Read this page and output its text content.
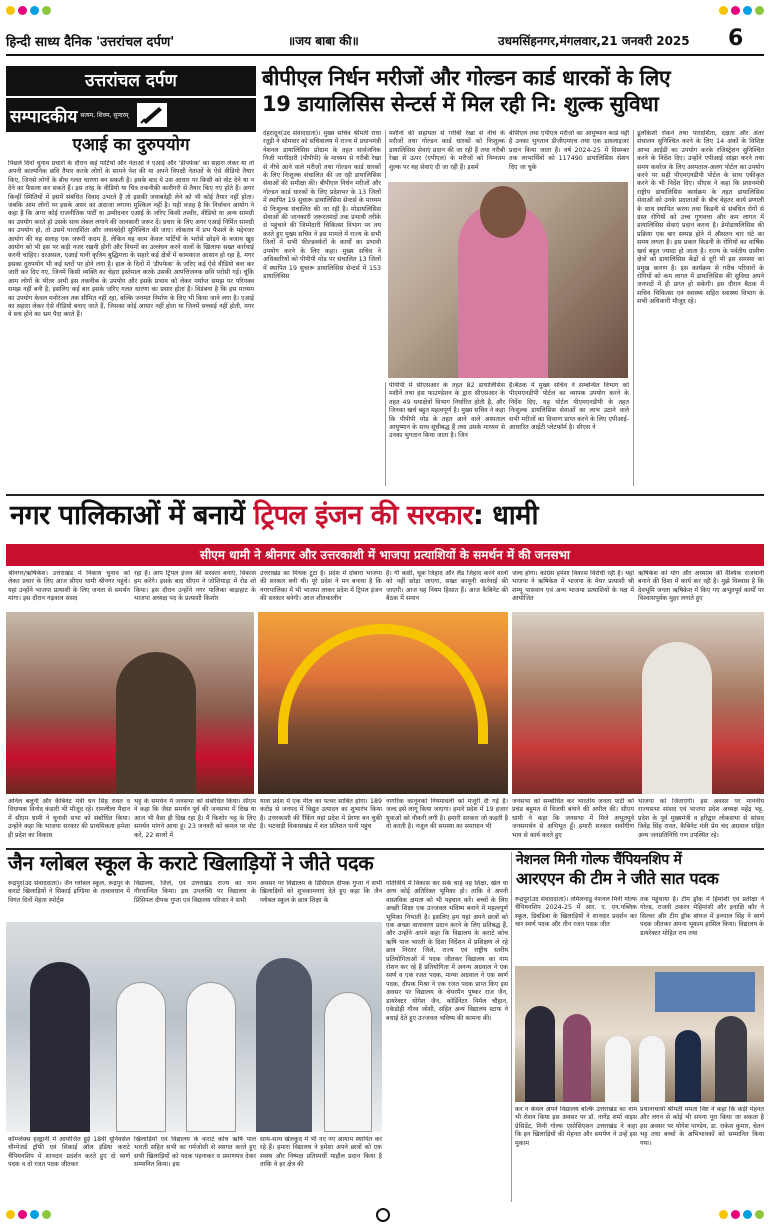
हिन्दी साध्य दैनिक 'उत्तरांचल दर्पण'	॥जय बाबा की॥	उधमसिंहनगर,मंगलवार,21 जनवरी 2025 6
उत्तरांचल दर्पण
सम्पादकीय सत्यम, शिवम, सुन्दरम्
एआई का दुरुपयोग
पिछले दिनों चुनाव प्रचारों के दौरान कई पार्टियों और नेताओं ने एआई और 'डीपफेक' का सहारा लेकर या तो अपनी काल्पनिक छवि तैयार करके लोगों के सामने पेश की या अपने विपक्षी नेताओं के ऐसे वीडियो तैयार किए, जिनसे लोगों के बीच गलत धारणा बन सकती है। इसके बाद ये उस आधार पर किसी को वोट देने या न देने का फैसला कर सकते हैं। इस तरह के वीडियो या चित्र तकनीकी कारीगरी से तैयार किए गए होते हैं। अगर किन्हीं स्थितियों में इसमें संबंधित विवाद उभरते हैं तो इसकी जवाबदेही लेने को भी कोई तैयार नहीं होता। जबकि आम लोगों पर इसके असर का अंदाजा लगाना मुश्किल नहीं है। यही वजह है कि निर्वाचन आयोग ने कहा है कि अगर कोई राजनीतिक पार्टी या उम्मीदवार एआई के जरिए किसी तस्वीर, वीडियो या अन्य सामग्री का उपयोग करते हो उसके साथ लेबल लगाने की जानकारी जरूर दें। प्रचार के लिए अगर एआई निर्मित सामग्री का उपयोग हो, तो उसमें पारदर्शिता और जवाबदेही सुनिश्चित की जाए। लोकतंत्र में प्रभ फैसले के मद्देनजर आयोग की यह सलाह एक जरूरी कदम है, लेकिन यह काम केवल पार्टियों के भरोसे छोड़ने के बजाय खुद आयोग को भी इस पर कड़ी नजर रखनी होगी और नियमों का उल्लंघन करने वालों के खिलाफ सख्त कार्रवाई करनी चाहिए। दरअसल, एआई यानी कृत्रिम बुद्धिमत्ता के सहारे कई क्षेत्रों में कामकाज आसान हो रहा है, मगर इसका दुरुपयोग भी कई स्तरों पर होने लगा है। हाल के दिनों में 'डीपफेक' के जरिए कई ऐसे वीडियो बना कर जारी कर दिए गए, जिनमें किसी व्यक्ति का चेहरा इस्तेमाल करके उसकी आपत्तिजनक छवि परोसी गई। चूंकि आम लोगों के भीतर अभी इस तकनीक के उपयोग और इसके प्रभाव को लेकर पर्याप्त समझ पर परिपक्व समझ नहीं बनी है, इसलिए कई बार इसके जरिए गलत धारणा का प्रसार होता है। विडंबना है कि इस माध्यम का उपयोग केवल मनोरंजन तक सीमित नहीं रहा, बल्कि जनमत निर्माण के लिए भी किया जाने लगा है। एआई का सहारा लेकर ऐसे वीडियो बनाए जाते हैं, जिसका कोई आधार नहीं होता या जिनमें सच्चाई नहीं होती, मगर वे सच होने का भ्रम पैदा करते हैं।
बीपीएल निर्धन मरीजों और गोल्डन कार्ड धारकों के लिए
19 डायालिसिस सेन्टर्स में मिल रही नि: शुल्क सुविधा
देहरादून(उद संवाददाता)। मुख्य सचिव श्रीमती राधा रतूड़ी ने सोमवार को सचिवालय में राज्य में प्रधानमंत्री नेशनल डायालिसिस प्रोग्राम के तहत सार्वजनिक निजी भागीदारी (पीपीपी) के माध्यम से गरीबी रेखा से नीचे आने वाले मरीजों तथा गोल्डन कार्ड धारकों के लिए निःशुल्क संचालित की जा रही डायालिसिस सेवाओं की समीक्षा की। बीपीएल निर्धन मरीजों और गोल्डन कार्ड धारकों के लिए प्रदेशभर के 13 जिलों में स्थापित 19 सुचारू डायालिसिस सेन्टर्स के माध्यम से निःशुल्क संचालित की जा रही है। मोडायलिसिस सेवाओं की जानकारी जरूरतमंदों तक प्रभावी तरीके से पहुंचाने की जिम्मेदारी चिकित्सा विभाग पर तय करते हुए मुख्य सचिव ने इस मामले में राज्य के सभी जिलों में सभी फील्डवर्करों के कार्यों का प्रभावी उपयोग करने के लिए कहा। मुख्य सचिव ने अधिकारियों को पीपीपी मोड पर संचालित 13 जिलों में स्थापित 19 सुचारू डायालिसिस सेन्टर्स में 153 डायालिसिस
मशीनों की सहायता से गरीबी रेखा से नीचे के मरीजों तथा गोल्डन कार्ड धारकों को निःशुल्क डायालिसिस सेवाएं प्रदान की जा रही हैं तथा गरीबी रेखा से ऊपर (एपीएल) के मरीजों को निम्नतम शुल्क पर यह सेवाएं दी जा रही हैं। इसमें
बीपीएल तथा एपीएल मरीजों का आयुष्मान कार्ड नहीं है उनका भुगतान डीजीएमएच तथा एक डायलाइजर प्रदान किया जाता है। वर्ष 2024-25 में दिसम्बर तक लाभार्थियों को 117490 डायालिसिस सेशन दिए जा चुके
पीपीपी में सीएसआर के तहत 82 डायालिसिस मशीनें तथा हंस फाउण्डेशन के द्वारा सीएसआर के तहत 49 यमाक्षेत्रों विभाग निर्धारित होती है, और जिनका खर्च बहुत महत्वपूर्ण है। मुख्य सचिव ने कहा कि पीपीपी मोड के तहत आने वाले अस्पताल आयुष्मान के साथ सूचीबद्ध हैं तथा उसके माध्यम से उनका भुगतान किया जाता है। जिन
हैं।बैठक में मुख्य सचिव ने सम्बन्धित विभाग को पीएमएनडीपी पोर्टल का व्यापक उपयोग करने के निर्देश दिए, यह पोर्टल पीएमएनडीपी के तहत निःशुल्क डायलिसिस सेवाओं का लाभ उठाने वाले सभी मरीजों का विवरण प्राप्त करने के लिए एपीआई-आधारित आईटी प्लेटफॉर्म है। सीएस ने
डूलॉकेशों रोकने तथा पारदर्शिता, दक्षता और अंतर संचालन सुनिश्चित करने के लिए 14 अंकों के विशिष्ट आभा आईडी का उपयोग करके रजिस्ट्रेशन सुनिश्चित करने के निर्देश दिए। उन्होंने एपीआई सांझा करने तथा समय कवरेज के लिए अस्पताल-अलग पोर्टल का उपयोग करने पर सही पीएमएनडीपी पोर्टल के साथ एकीकृत करने के भी निर्देश दिए। सीएस ने कहा कि प्रधानमंत्री राष्ट्रीय डायालिसिस कार्यक्रम के तहत डायालिसिस सेवाओं को उनके प्रदाताओं के बीच बेहतर कार्य प्रणाली के साथ स्थापित करना तथा किडनी से संबंधित रोगों से ग्रस्त रोगियों को उच्च गुणवत्ता और कम लागत में डायालिसिस सेवाएं प्रदान करना है। डेमोडायलिसिस की प्रक्रिया एक बार सम्पन्न होने में औसतन चार घंटे का समय लगता है। इस प्रकार किडनी के रोगियों का वार्षिक खर्च बहुत ज्यादा हो जाता है। राज्य के पर्वतीय ग्रामीण क्षेत्रों को डायालिसिस केंद्रों से दूरी भी इस समस्या का प्रमुख कारण है। इस कार्यक्रम से गरीब परिवारों के रोगियों को कम लागत में डायालिसिस की सुविधा अपने जनपदों में ही प्राप्त हो सकेगी। इस दौरान बैठक में सचिव चिकित्सा एवं स्वास्थ्य सहित स्वास्थ्य विभाग के सभी अधिकारी मौजूद रहे।
नगर पालिकाओं में बनायें ट्रिपल इंजन की सरकार: धामी
सीएम धामी ने श्रीनगर और उत्तरकाशी में भाजपा प्रत्याशियों के समर्थन में की जनसभा
श्रीनगर/ऋषिकेश। उत्तराखंड में निकाय चुनाव को लेकर प्रचार के लिए आज सीएम धामी श्रीनगर पहुंचे। यहां उन्होंने भाजपा प्रत्याशी के लिए जनता से समर्थन मांगा। इस दौरान गढ़वाल संसद
रहा है। आप ट्रिपल इंजन की सरकार बनाएं, विकास हम करेंगे। इसके बाद सीएम ने जोशियाड़ा में रोड शो किया। इस दौरान उन्होंने नगर पालिका बाड़ाहाट के भाजपा अध्यक्ष पद के प्रत्याशी किशोर
उत्तराखंड का मिथक टूटा है। प्रदेश में दोबारा भाजपा की सरकार बनी थी। पूरे प्रदेश ने मन बनाया है कि नगरपालिका में भी भाजपा लाकर प्रदेश में ट्रिपल इंजन की सरकार बनेगी। आज शीतकालीन
है। गौ कसी, थूक जिहाद और लैंड जिहाद करने वालों को नहीं छोड़ा जाएगा, सख्त कानूनी कार्रवाई की जाएगी। आज यह नियम हिसात हैं। आज कैबिनेट की बैठक में समान
जल्द होगा। कांग्रेस हमेशा विकास विरोधी रही है। यहां भाजपा ने ऋषिकेश में भाजपा के मेयर प्रत्याशी श्री शम्भू पासवान एवं अन्य भाजपा प्रत्याशियों के पक्ष में आयोजित
ऋषिकेश को योग और अध्यात्म की वैश्विक राजधानी बनाने की दिशा में कार्य कर रही है। मुझे विश्वास है कि देवभूमि जनता ऋषिकेश में किए गए अभूतपूर्व कार्यों पर विश्वासपूर्वक मुहर लगाते हुए
अनिल बलूनी और कैबिनेट मंत्री धन सिंह रावत व विधायक विनोद कंडारी भी मौजूद रहे। रामलीला मैदान में सीएम धामी ने चुनावी सभा को संबोधित किया। उन्होंने कहा कि भाजपा सरकार की प्राथमिकता हमेशा ही प्रदेश का विकास
भट्ट के समर्थन में जनसभा को संबोधित किया। सीएम ने कहा कि जैसा समर्थन पूर्व की जनसभा में दिख या आज भी वैसा ही दिख रहा है। मैं किशोर भट्ट के लिए समर्थन मांगने आया हूं। 23 जनवरी को कमल पर वोट करें, 22 सालों में
यात्रा प्रदेश में एक मील का पत्थर साबित होगा। 189 करोड़ से जनपद में विद्युत उत्पादन का शुभारंभ किया है। उत्तरकाशी की रैंकिंग यहां प्रदेश में प्रेरणा बन चुकी है। भटवाड़ी विकासखंड में शत प्रतिशत पानी पहुंच
नागरिक कानूनको नियमावली को मंजूरी दी गई है। जल्द इसे लागू किया जाएगा। हमारे प्रदेश में 19 हजार युवाओं को नौकरी लगी है। हमारी सरकार जो कहती है वो करती है। नजूल की समस्या का समाधान भी
जनसभा को सम्बोधित कर भारतीय जनता पार्टी को प्रचंड बहुमत से विजयी बनाने की अपील की। सीएम धामी ने कहा कि जनसभा में मिले अभूतपूर्व जनसमर्थन से अभिभूत हूँ। हमारी सरकार सर्वांगीण भाव से कार्य करते हुए
भाजपा को जिताएंगी। इस अवसर पर माननीय राज्यसभा सांसद एवं भाजपा प्रदेश अध्यक्ष महेंद्र भट्ट, प्रदेश के पूर्व मुख्यमंत्री व हरिद्वार लोकसभा से सांसद त्रिवेंद्र सिंह रावत, कैबिनेट मंत्री प्रेम चंद अग्रवाल सहित अन्य जनप्रतिनिधि गण उपस्थित रहे।
जैन ग्लोबल स्कूल के कराटे खिलाड़ियों ने जीते पदक
रूद्रपुर(उद संवाददाता)। जैन ग्लोबल स्कूल, रूद्रपुर के कराटे खिलाड़ियों ने सिकाई इण्डिया के तत्वावधान में विगत दिनों मेहता स्पोर्ट्स
विद्यालय, जिले, एवं उत्तराखंड राज्य का नाम गौरवान्वित किया। इस उपलब्धि पर विद्यालय के प्रिंसिपल दीपक गुप्ता एवं विद्यालय परिवार ने सभी
अवसर पर विद्यालय के प्रिंसिपल दीपक गुप्ता ने सभी खिलाड़ियों को शुभकामनाएं देते हुए कहा कि जैन ग्लोबल स्कूल के छात्र शिक्षा के
गतिविधि में विकास कर सकें चाहे वह शिक्षा, खेल या अन्य कोई अतिरिक्त भूमिका हो। ताकि वे अपनी वास्तविक क्षमता को भी पहचान करें। बच्चों के लिए अच्छी शिक्षा एक उज्जवल भविष्य बनाने में महत्वपूर्ण भूमिका निभाती है। इसलिए हम यहां अपने छात्रों को एक अच्छा वातावरण प्रदान करने के लिए प्रतिबद्ध हैं, और उन्होंने अपने कहा कि विद्यालय के कराटे कोच ऋषि पाल भारती के दिशा निर्देशन में प्रशिक्षण ले रहे छात्र निरंतर जिले, राज्य एवं राष्ट्रीय स्तरीय प्रतियोगिताओं में पदक जीतकर विद्यालय का नाम रोशन कर रहे हैं प्रतियोगिता में अनन्य अग्रवाल ने एक स्वर्ण व एक रजत पदक, मान्या अग्रवाल ने एक स्वर्ण पदक, दीपक मिश्रा ने एक रजत पदक प्राप्त किए इस अवसर पर विद्यालय के चेयरमैन पुष्कर राज जैन, डायरेक्टर योगेश जैन, कोर्डिनेटर निर्मल चौहान, एकेडोही गौरव जोशी, सहित अन्य विद्यालय स्टाफ ने बधाई देते हुए उज्जवल भविष्य की कामना की।
कॉम्प्लेक्स हल्द्वानी में आयोजित हुई 18वीं यूनिवर्सल चौम्पेजर्ड ट्रॉफी एवं सिकाई ऑल इंडिया कराटे चैंपियनशिप में शानदार प्रदर्शन करते हुए दो स्वर्ण पदक व दो रजत पदक जीतकर
खिलाड़ियों एवं विद्यालय के कराटे कोच ऋषि पाल भारती सहित सभी का गर्मजोशी से स्वागत करते हुए सभी खिलाड़ियों को पदक पहनाकर व प्रमाणपत्र देकर सम्मानित किया। इस
साथ-साथ खेलकूद में भी नए नए आयाम स्थापित कर रहे हैं। हमारा विद्यालय ने हमेशा अपने छात्रों को एक स्वस्थ और निष्पक्ष प्रतिस्पर्धी माहौल प्रदान किया है ताकि वे हर क्षेत्र की
नेशनल मिनी गोल्फ चैंपियनशिप में
आरएएन की टीम ने जीते सात पदक
रूद्रपुर(उद संवाददाता)। तमिलनाडु नेशनल मिनी गोल्फ चैंपियनशिप 2024-25 में आर. ए. एन.पब्लिक स्कूल, डिबडिबा के खिलाड़ियों ने शानदार प्रदर्शन कर चार स्वर्ण पदक और तीन रजत पदक जीत
तक पहुंचाया है। टीम ड्रॉक में हिमांशी एवं प्रतीक्षा ने गोल्ड, राजवी ठकरन मेहिमांशी और इनाक्षि कौर ने सिल्वर और टीम ड्रॉक बांयज में इनपाल सिंह ने स्वर्ण पदक जीतकर अपना भूकाम हासिल किया। विद्यालय के डायरेक्टर मोहित राय तथा
कर न केवल अपने विद्यालय बल्कि उत्तराखंड का नाम भी रोशन किया इस अवसर पर डॉ. नागेंद्र शर्मा वाइस प्रेसिडेंट, मिनी गोल्फ एसोसिएशन उत्तराखंड ने कहा कि इन खिलाड़ियों की मेहनत और समर्पण ने उन्हें इस मुकाम
प्रधानाचार्या श्रीमती ममता विष्ट ने कहा कि कड़ी मेहनत और लगन से कोई भी सपना पूरा किया जा सकता है इस अवसर पर योगेश पाण्डेय, डा. राकेश कुमार, चेतन भट्ट तथा बच्चों के अभिभावकों को सम्मानित किया गया।
